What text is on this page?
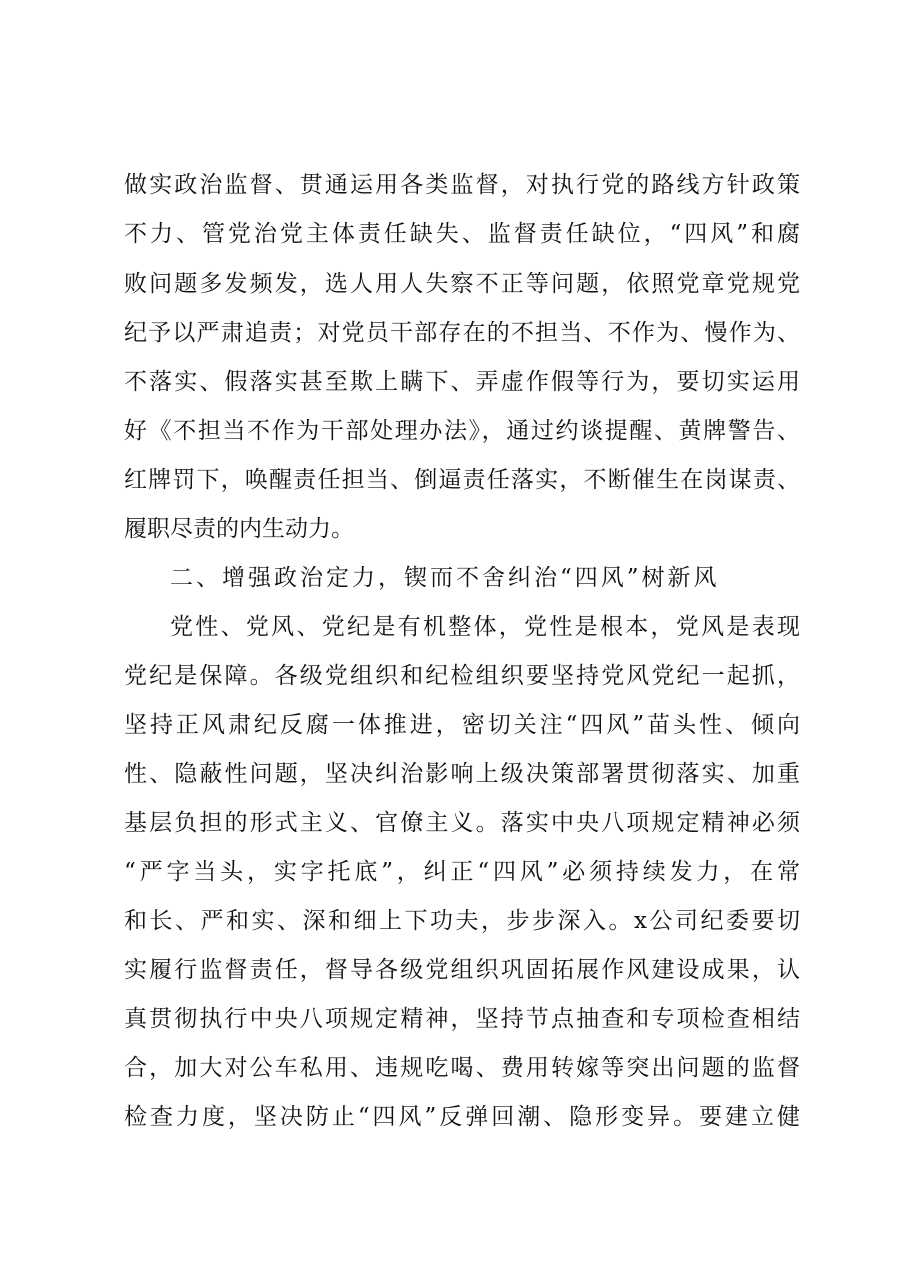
做实政治监督、贯通运用各类监督，对执行党的路线方针政策
不力、管党治党主体责任缺失、监督责任缺位，“四风”和腐
败问题多发频发，选人用人失察不正等问题，依照党章党规党
纪予以严肃追责；对党员干部存在的不担当、不作为、慢作为、
不落实、假落实甚至欺上瞒下、弄虚作假等行为，要切实运用
好《不担当不作为干部处理办法》，通过约谈提醒、黄牌警告、
红牌罚下，唤醒责任担当、倒逼责任落实，不断催生在岗谋责、
履职尽责的内生动力。
二、增强政治定力，锲而不舍纠治“四风”树新风
党性、党风、党纪是有机整体，党性是根本，党风是表现
党纪是保障。各级党组织和纪检组织要坚持党风党纪一起抓，
坚持正风肃纪反腐一体推进，密切关注“四风”苗头性、倾向
性、隐蔽性问题，坚决纠治影响上级决策部署贯彻落实、加重
基层负担的形式主义、官僚主义。落实中央八项规定精神必须
“严字当头，实字托底”，纠正“四风”必须持续发力，在常
和长、严和实、深和细上下功夫，步步深入。x公司纪委要切
实履行监督责任，督导各级党组织巩固拓展作风建设成果，认
真贯彻执行中央八项规定精神，坚持节点抽查和专项检查相结
合，加大对公车私用、违规吃喝、费用转嫁等突出问题的监督
检查力度，坚决防止“四风”反弹回潮、隐形变异。要建立健
